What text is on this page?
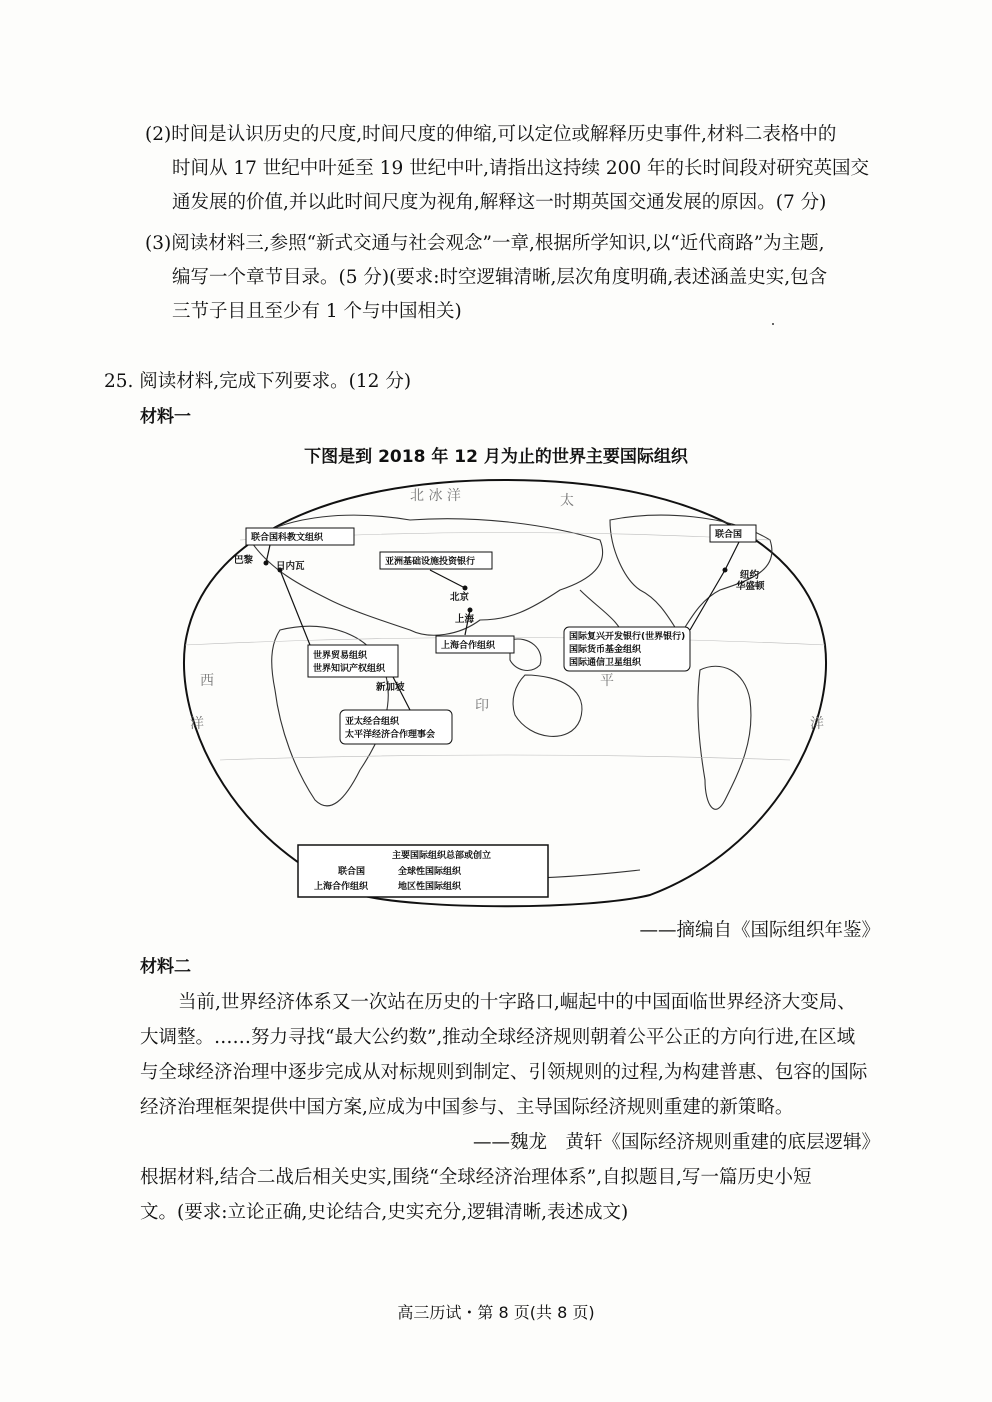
(2)时间是认识历史的尺度,时间尺度的伸缩,可以定位或解释历史事件,材料二表格中的
时间从 17 世纪中叶延至 19 世纪中叶,请指出这持续 200 年的长时间段对研究英国交
通发展的价值,并以此时间尺度为视角,解释这一时期英国交通发展的原因。(7 分)
(3)阅读材料三,参照“新式交通与社会观念”一章,根据所学知识,以“近代商路”为主题,
编写一个章节目录。(5 分)(要求:时空逻辑清晰,层次角度明确,表述涵盖史实,包含
三节子目且至少有 1 个与中国相关)
25. 阅读材料,完成下列要求。(12 分)
材料一
下图是到 2018 年 12 月为止的世界主要国际组织
北 冰 洋	太
平
西
洋	洋
印
巴黎
日内瓦
北京
上海
新加坡
纽约
华盛顿
联合国科教文组织
亚洲基础设施投资银行
世界贸易组织
世界知识产权组织
上海合作组织
联合国
国际复兴开发银行(世界银行)
国际货币基金组织
国际通信卫星组织
亚太经合组织
太平洋经济合作理事会
主要国际组织总部或创立
联合国	全球性国际组织
上海合作组织	地区性国际组织
——摘编自《国际组织年鉴》
材料二
当前,世界经济体系又一次站在历史的十字路口,崛起中的中国面临世界经济大变局、
大调整。……努力寻找“最大公约数”,推动全球经济规则朝着公平公正的方向行进,在区域
与全球经济治理中逐步完成从对标规则到制定、引领规则的过程,为构建普惠、包容的国际
经济治理框架提供中国方案,应成为中国参与、主导国际经济规则重建的新策略。
——魏龙　黄轩《国际经济规则重建的底层逻辑》
根据材料,结合二战后相关史实,围绕“全球经济治理体系”,自拟题目,写一篇历史小短
文。(要求:立论正确,史论结合,史实充分,逻辑清晰,表述成文)
高三历试・第 8 页(共 8 页)
